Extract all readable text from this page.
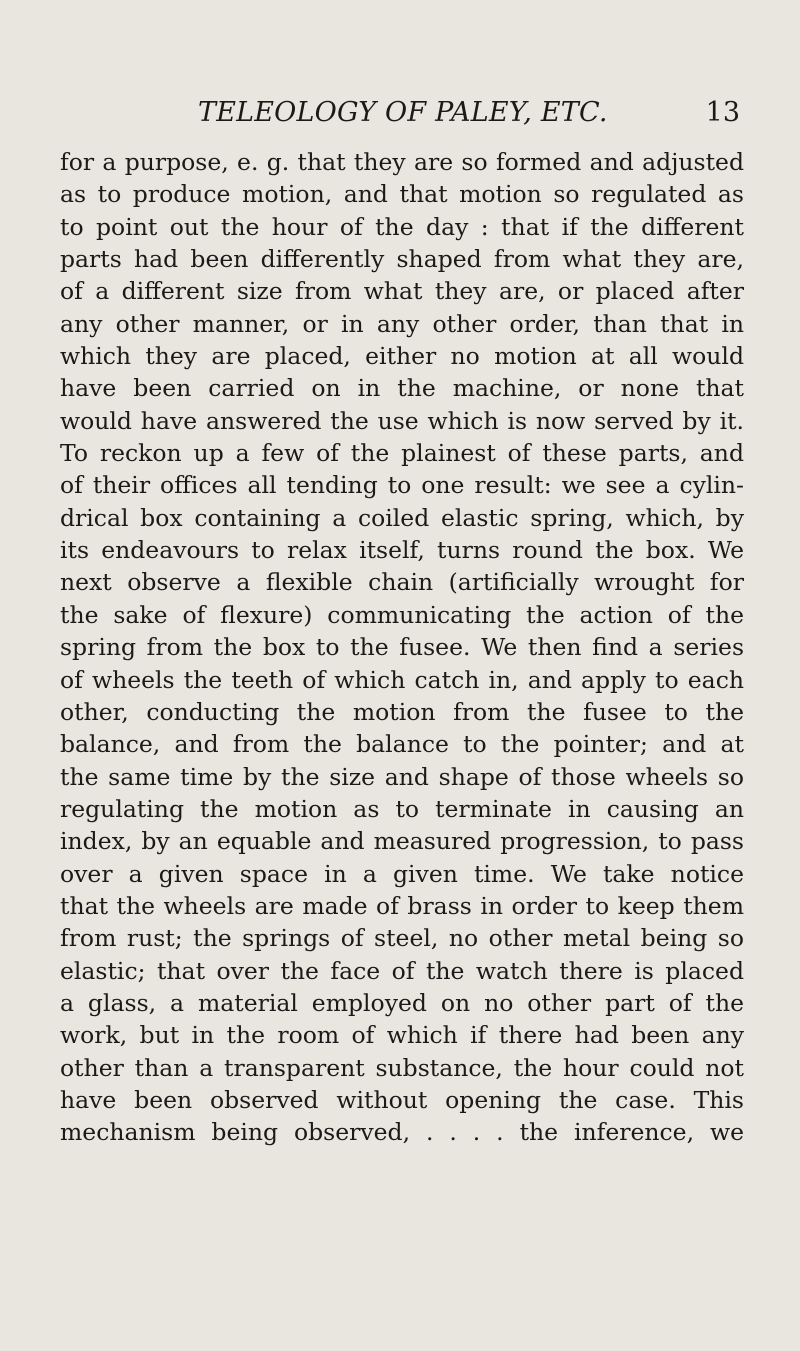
TELEOLOGY OF PALEY, ETC.	13
for a purpose, e. g. that they are so formed and adjusted
as to produce motion, and that motion so regulated as
to point out the hour of the day : that if the different
parts had been differently shaped from what they are,
of a different size from what they are, or placed after
any other manner, or in any other order, than that in
which they are placed, either no motion at all would
have been carried on in the machine, or none that
would have answered the use which is now served by it.
To reckon up a few of the plainest of these parts, and
of their offices all tending to one result: we see a cylin-
drical box containing a coiled elastic spring, which, by
its endeavours to relax itself, turns round the box. We
next observe a flexible chain (artificially wrought for
the sake of flexure) communicating the action of the
spring from the box to the fusee. We then find a series
of wheels the teeth of which catch in, and apply to each
other, conducting the motion from the fusee to the
balance, and from the balance to the pointer; and at
the same time by the size and shape of those wheels so
regulating the motion as to terminate in causing an
index, by an equable and measured progression, to pass
over a given space in a given time. We take notice
that the wheels are made of brass in order to keep them
from rust; the springs of steel, no other metal being so
elastic; that over the face of the watch there is placed
a glass, a material employed on no other part of the
work, but in the room of which if there had been any
other than a transparent substance, the hour could not
have been observed without opening the case. This
mechanism being observed, . . . . the inference, we
